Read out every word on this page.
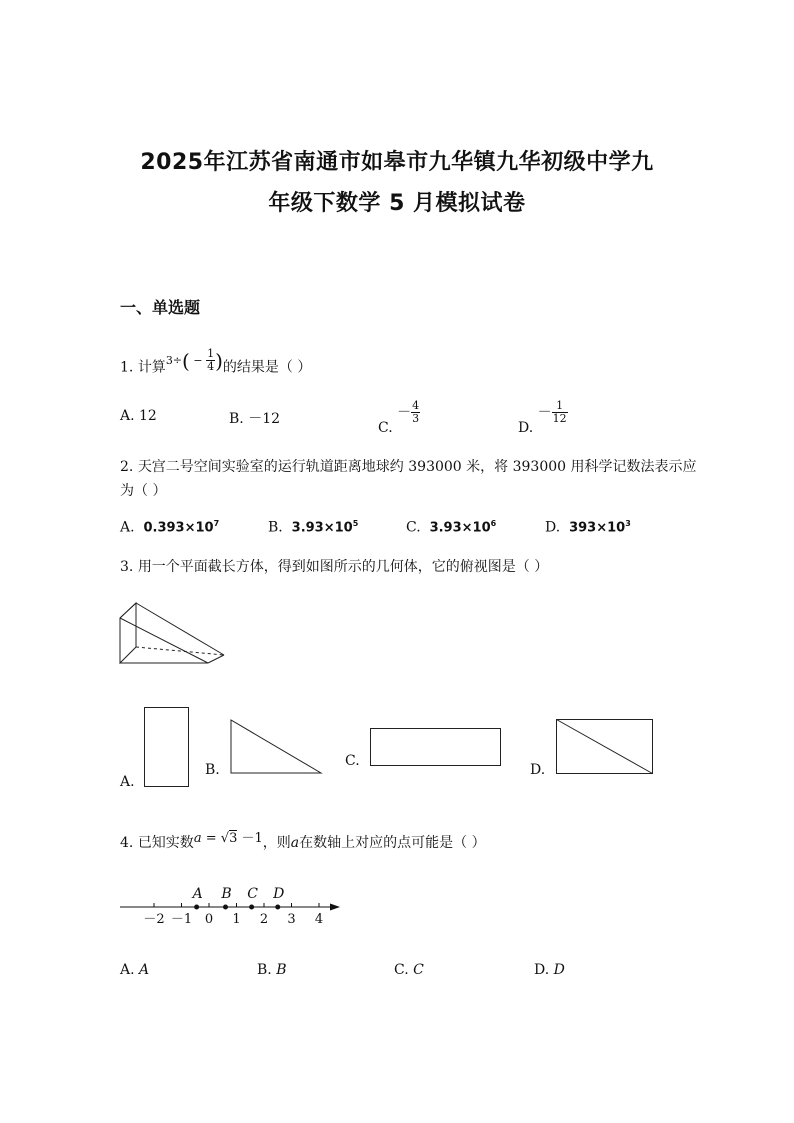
2025年江苏省南通市如皋市九华镇九华初级中学九
年级下数学 5 月模拟试卷
一、单选题
1. 计算$^{3\div( - \frac{1}{4} )}$的结果是（ ）
A. 12	B. －12
C. － $\frac{4}{3}$
D. － $\frac{1}{12}$
2. 天宫二号空间实验室的运行轨道距离地球约 393000 米，将 393000 用科学记数法表示应
为（ ）
A. $0.393\times 10^7$	B. $3.93\times 10^5$	C. $3.93\times 10^6$	D. $393\times 10^3$
3. 用一个平面截长方体，得到如图所示的几何体，它的俯视图是（ ）
A.
B.
C.
D.
4. 已知实数a = √3 －1，则a在数轴上对应的点可能是（ ）
－2 －1 0 1 2 3 4
A B C D
A. A	B. B	C. C	D. D
